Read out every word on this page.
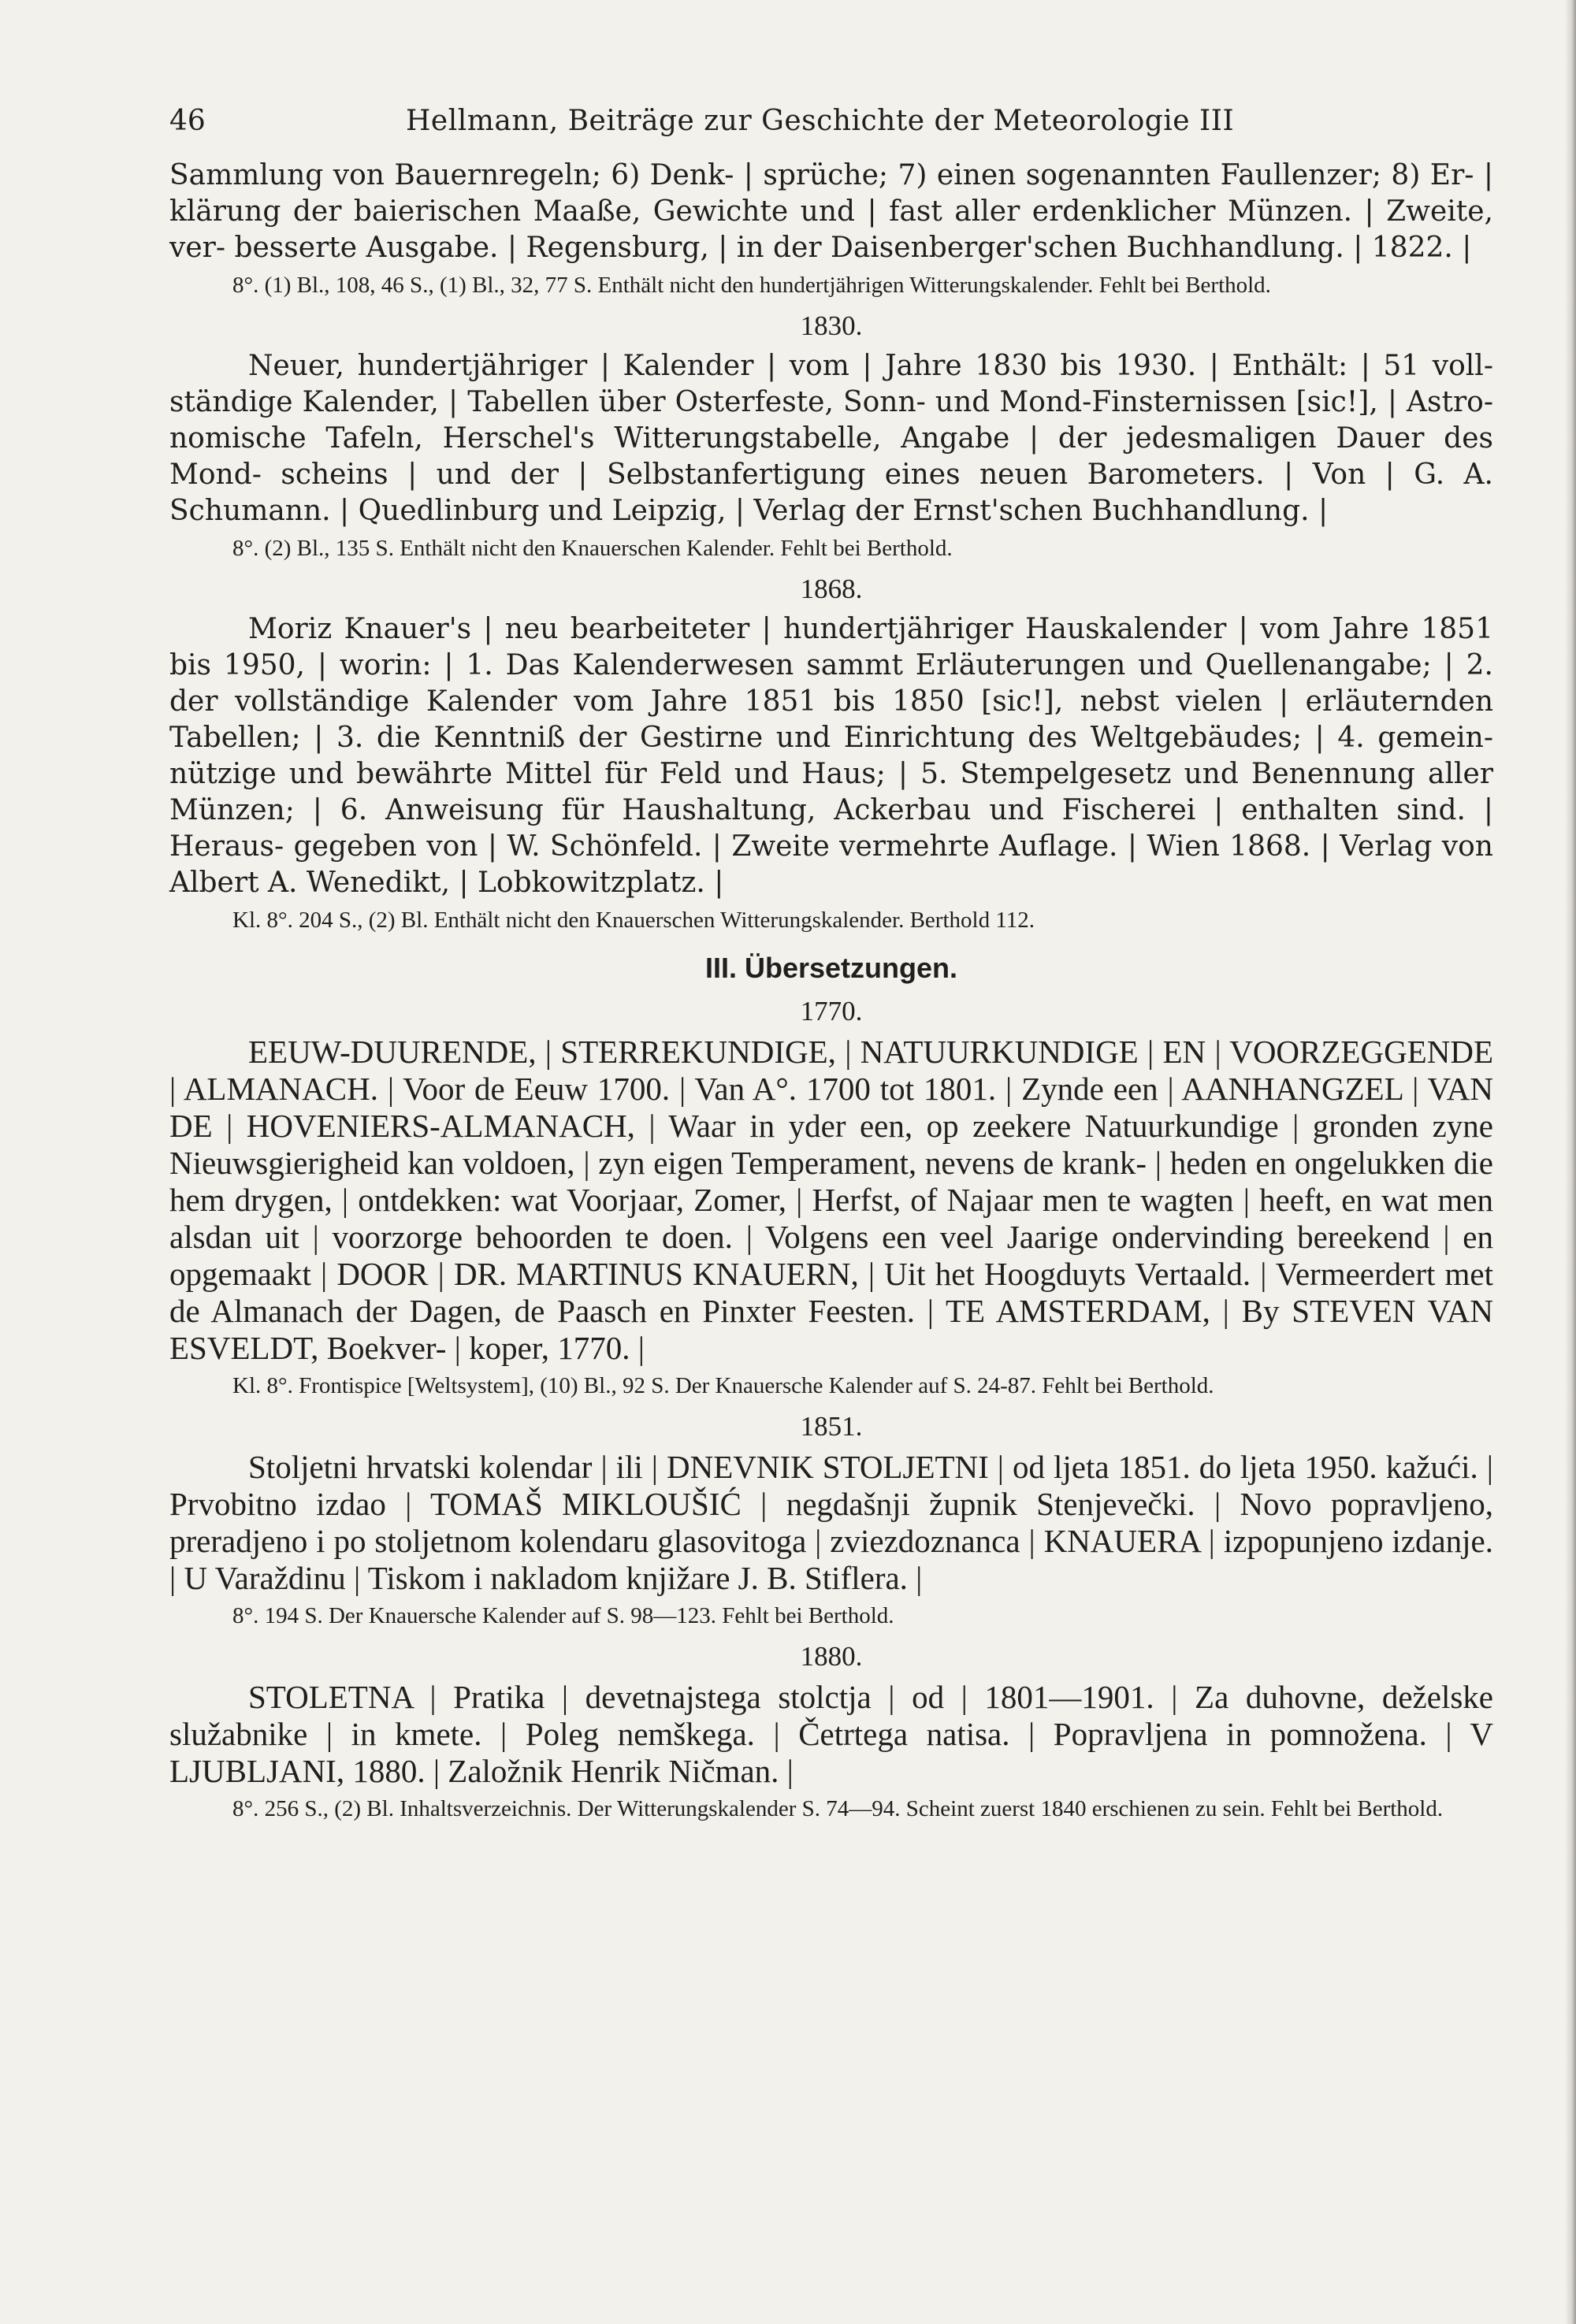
46	Hellmann, Beiträge zur Geschichte der Meteorologie III

Sammlung von Bauernregeln; 6) Denk- | sprüche; 7) einen sogenannten Faullenzer; 8) Er- | klärung der baierischen Maaße, Gewichte und | fast aller erdenklicher Münzen. | Zweite, ver- besserte Ausgabe. | Regensburg, | in der Daisenberger'schen Buchhandlung. | 1822. |

8°. (1) Bl., 108, 46 S., (1) Bl., 32, 77 S. Enthält nicht den hundertjährigen Witterungskalender. Fehlt bei Berthold.

1830.

Neuer, hundertjähriger | Kalender | vom | Jahre 1830 bis 1930. | Enthält: | 51 voll- ständige Kalender, | Tabellen über Osterfeste, Sonn- und Mond-Finsternissen [sic!], | Astro- nomische Tafeln, Herschel's Witterungstabelle, Angabe | der jedesmaligen Dauer des Mond- scheins | und der | Selbstanfertigung eines neuen Barometers. | Von | G. A. Schumann. | Quedlinburg und Leipzig, | Verlag der Ernst'schen Buchhandlung. |

8°. (2) Bl., 135 S. Enthält nicht den Knauerschen Kalender. Fehlt bei Berthold.

1868.

Moriz Knauer's | neu bearbeiteter | hundertjähriger Hauskalender | vom Jahre 1851 bis 1950, | worin: | 1. Das Kalenderwesen sammt Erläuterungen und Quellenangabe; | 2. der vollständige Kalender vom Jahre 1851 bis 1850 [sic!], nebst vielen | erläuternden Tabellen; | 3. die Kenntniß der Gestirne und Einrichtung des Weltgebäudes; | 4. gemein- nützige und bewährte Mittel für Feld und Haus; | 5. Stempelgesetz und Benennung aller Münzen; | 6. Anweisung für Haushaltung, Ackerbau und Fischerei | enthalten sind. | Heraus- gegeben von | W. Schönfeld. | Zweite vermehrte Auflage. | Wien 1868. | Verlag von Albert A. Wenedikt, | Lobkowitzplatz. |

Kl. 8°. 204 S., (2) Bl. Enthält nicht den Knauerschen Witterungskalender. Berthold 112.

III. Übersetzungen.
1770.

EEUW-DUURENDE, | STERREKUNDIGE, | NATUURKUNDIGE | EN | VOORZEGGENDE | ALMANACH. | Voor de Eeuw 1700. | Van A°. 1700 tot 1801. | Zynde een | AANHANGZEL | VAN DE | HOVENIERS-ALMANACH, | Waar in yder een, op zeekere Natuurkundige | gronden zyne Nieuwsgierigheid kan voldoen, | zyn eigen Temperament, nevens de krank- | heden en ongelukken die hem drygen, | ontdekken: wat Voorjaar, Zomer, | Herfst, of Najaar men te wagten | heeft, en wat men alsdan uit | voorzorge behoorden te doen. | Volgens een veel Jaarige ondervinding bereekend | en opgemaakt | DOOR | DR. MARTINUS KNAUERN, | Uit het Hoogduyts Vertaald. | Vermeerdert met de Almanach der Dagen, de Paasch en Pinxter Feesten. | TE AMSTERDAM, | By STEVEN VAN ESVELDT, Boekver- | koper, 1770. |

Kl. 8°. Frontispice [Weltsystem], (10) Bl., 92 S. Der Knauersche Kalender auf S. 24-87. Fehlt bei Berthold.

1851.

Stoljetni hrvatski kolendar | ili | DNEVNIK STOLJETNI | od ljeta 1851. do ljeta 1950. kažući. | Prvobitno izdao | TOMAŠ MIKLOUŠIĆ | negdašnji župnik Stenjevečki. | Novo popravljeno, preradjeno i po stoljetnom kolendaru glasovitoga | zviezdoznanca | KNAUERA | izpopunjeno izdanje. | U Varaždinu | Tiskom i nakladom knjižare J. B. Stiflera. |

8°. 194 S. Der Knauersche Kalender auf S. 98—123. Fehlt bei Berthold.

1880.

STOLETNA | Pratika | devetnajstega stolctja | od | 1801—1901. | Za duhovne, deželske služabnike | in kmete. | Poleg nemškega. | Četrtega natisa. | Popravljena in pomnožena. | V LJUBLJANI, 1880. | Založnik Henrik Ničman. |

8°. 256 S., (2) Bl. Inhaltsverzeichnis. Der Witterungskalender S. 74—94. Scheint zuerst 1840 erschienen zu sein. Fehlt bei Berthold.
